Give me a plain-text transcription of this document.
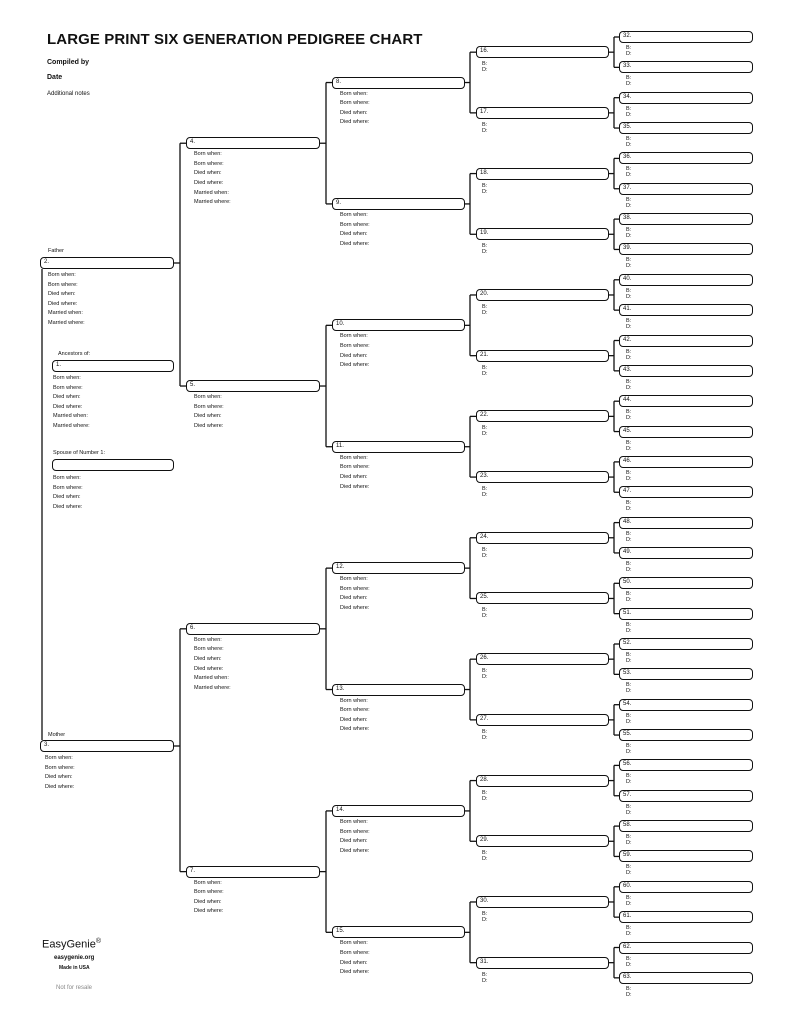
LARGE PRINT SIX GENERATION PEDIGREE CHART
Compiled by
Date
Additional notes
32.
B:
D:
33.
B:
D:
34.
B:
D:
35.
B:
D:
36.
B:
D:
37.
B:
D:
38.
B:
D:
39.
B:
D:
40.
B:
D:
41.
B:
D:
42.
B:
D:
43.
B:
D:
44.
B:
D:
45.
B:
D:
46.
B:
D:
47.
B:
D:
48.
B:
D:
49.
B:
D:
50.
B:
D:
51.
B:
D:
52.
B:
D:
53.
B:
D:
54.
B:
D:
55.
B:
D:
56.
B:
D:
57.
B:
D:
58.
B:
D:
59.
B:
D:
60.
B:
D:
61.
B:
D:
62.
B:
D:
63.
B:
D:
16.
B:
D:
17.
B:
D:
18.
B:
D:
19.
B:
D:
20.
B:
D:
21.
B:
D:
22.
B:
D:
23.
B:
D:
24.
B:
D:
25.
B:
D:
26.
B:
D:
27.
B:
D:
28.
B:
D:
29.
B:
D:
30.
B:
D:
31.
B:
D:
8.
Born when:
Born where:
Died when:
Died where:
9.
Born when:
Born where:
Died when:
Died where:
10.
Born when:
Born where:
Died when:
Died where:
11.
Born when:
Born where:
Died when:
Died where:
12.
Born when:
Born where:
Died when:
Died where:
13.
Born when:
Born where:
Died when:
Died where:
14.
Born when:
Born where:
Died when:
Died where:
15.
Born when:
Born where:
Died when:
Died where:
4.
Born when:
Born where:
Died when:
Died where:
Married when:
Married where:
5.
Born when:
Born where:
Died when:
Died where:
6.
Born when:
Born where:
Died when:
Died where:
Married when:
Married where:
7.
Born when:
Born where:
Died when:
Died where:
2.
3.
Father
Born when:
Born where:
Died when:
Died where:
Married when:
Married where:
Mother
Born when:
Born where:
Died when:
Died where:
1.
Ancestors of:
Born when:
Born where:
Died when:
Died where:
Married when:
Married where:
Spouse of Number 1:
Born when:
Born where:
Died when:
Died where:
EasyGenie®
easygenie.org
Made in USA
Not for resale
